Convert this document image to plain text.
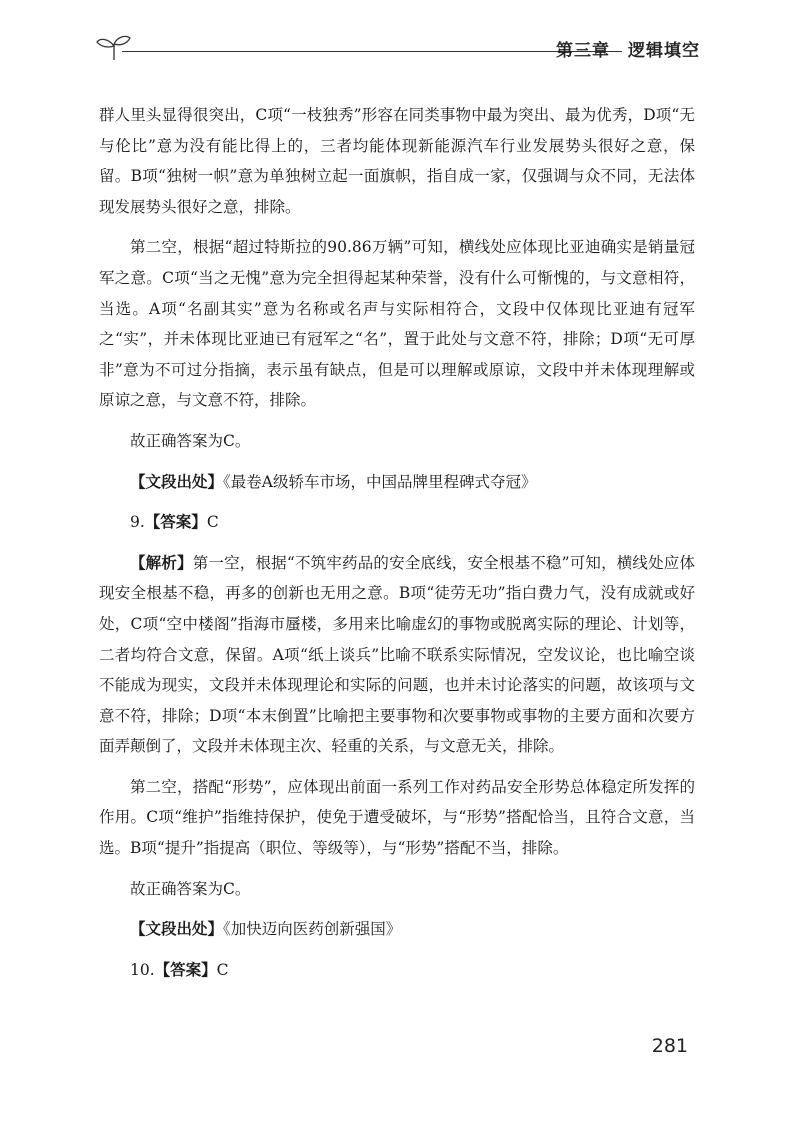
第三章　逻辑填空

群人里头显得很突出，C项“一枝独秀”形容在同类事物中最为突出、最为优秀，D项“无与伦比”意为没有能比得上的，三者均能体现新能源汽车行业发展势头很好之意，保留。B项“独树一帜”意为单独树立起一面旗帜，指自成一家，仅强调与众不同，无法体现发展势头很好之意，排除。

第二空，根据“超过特斯拉的90.86万辆”可知，横线处应体现比亚迪确实是销量冠军之意。C项“当之无愧”意为完全担得起某种荣誉，没有什么可惭愧的，与文意相符，当选。A项“名副其实”意为名称或名声与实际相符合，文段中仅体现比亚迪有冠军之“实”，并未体现比亚迪已有冠军之“名”，置于此处与文意不符，排除；D项“无可厚非”意为不可过分指摘，表示虽有缺点，但是可以理解或原谅，文段中并未体现理解或原谅之意，与文意不符，排除。

故正确答案为C。

【文段出处】《最卷A级轿车市场，中国品牌里程碑式夺冠》

9.【答案】C

【解析】第一空，根据“不筑牢药品的安全底线，安全根基不稳”可知，横线处应体现安全根基不稳，再多的创新也无用之意。B项“徒劳无功”指白费力气，没有成就或好处，C项“空中楼阁”指海市蜃楼，多用来比喻虚幻的事物或脱离实际的理论、计划等，二者均符合文意，保留。A项“纸上谈兵”比喻不联系实际情况，空发议论，也比喻空谈不能成为现实，文段并未体现理论和实际的问题，也并未讨论落实的问题，故该项与文意不符，排除；D项“本末倒置”比喻把主要事物和次要事物或事物的主要方面和次要方面弄颠倒了，文段并未体现主次、轻重的关系，与文意无关，排除。

第二空，搭配“形势”，应体现出前面一系列工作对药品安全形势总体稳定所发挥的作用。C项“维护”指维持保护，使免于遭受破坏，与“形势”搭配恰当，且符合文意，当选。B项“提升”指提高（职位、等级等），与“形势”搭配不当，排除。

故正确答案为C。

【文段出处】《加快迈向医药创新强国》

10.【答案】C

281
